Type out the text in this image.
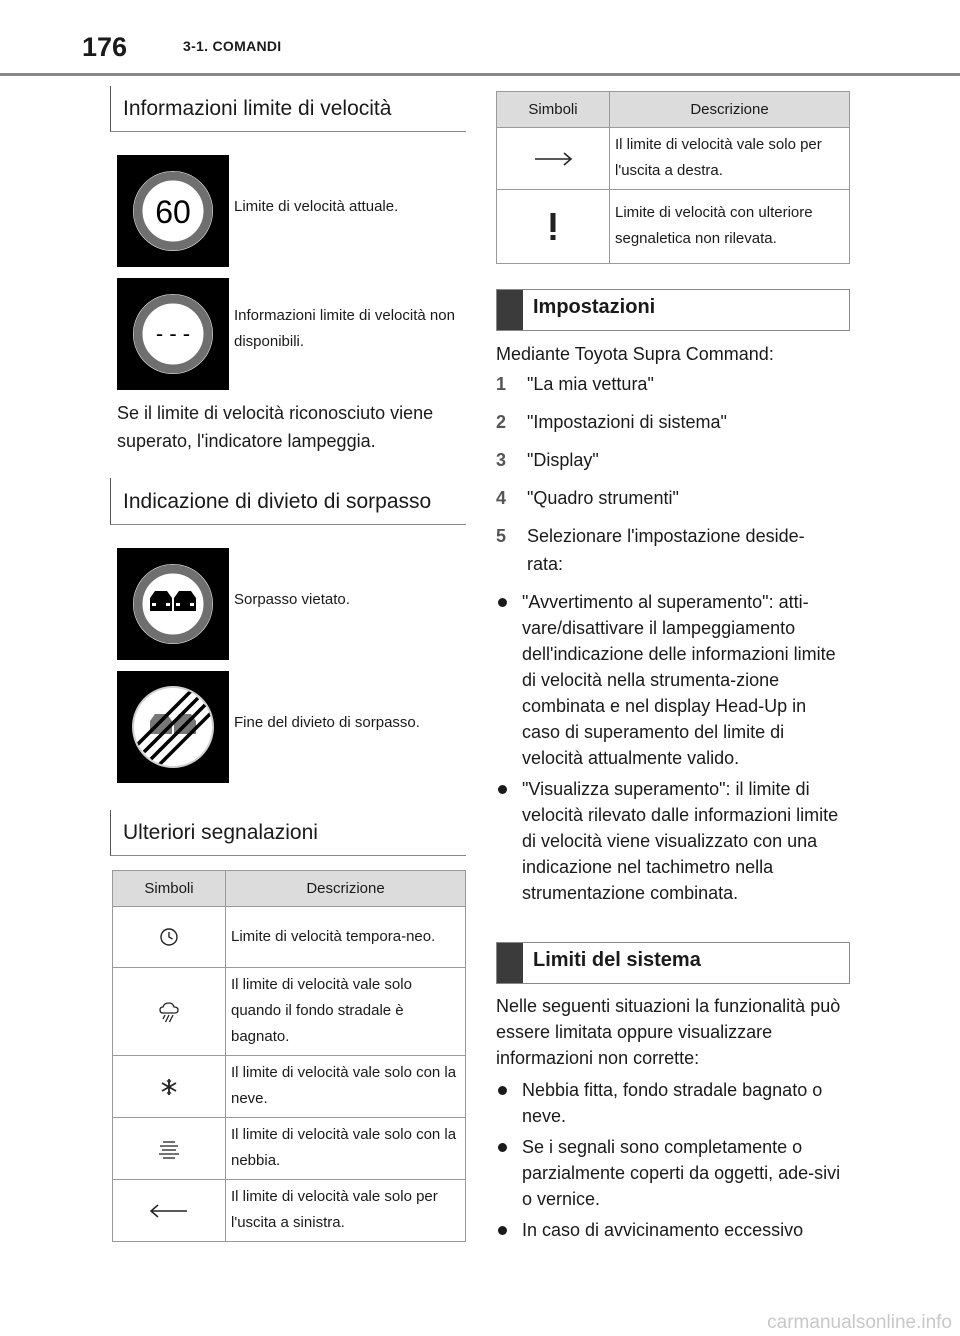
176	3-1. COMANDI
Informazioni limite di velocità
60	Limite di velocità attuale.
- - -
Informazioni limite di velocità non disponibili.
Se il limite di velocità riconosciuto viene superato, l'indicatore lampeggia.
Indicazione di divieto di sorpasso
Sorpasso vietato.
Fine del divieto di sorpasso.
Ulteriori segnalazioni
Simboli	Descrizione
	Limite di velocità tempora-neo.
	Il limite di velocità vale solo quando il fondo stradale è bagnato.
	Il limite di velocità vale solo con la neve.
	Il limite di velocità vale solo con la nebbia.
	Il limite di velocità vale solo per l'uscita a sinistra.
Simboli	Descrizione
	Il limite di velocità vale solo per l'uscita a destra.
	Limite di velocità con ulteriore segnaletica non rilevata.
Impostazioni
Mediante Toyota Supra Command:
1 "La mia vettura"
2 "Impostazioni di sistema"
3 "Display"
4 "Quadro strumenti"
5 Selezionare l'impostazione deside-rata:
"Avvertimento al superamento": atti-vare/disattivare il lampeggiamento dell'indicazione delle informazioni limite di velocità nella strumenta-zione combinata e nel display Head-Up in caso di superamento del limite di velocità attualmente valido.
"Visualizza superamento": il limite di velocità rilevato dalle informazioni limite di velocità viene visualizzato con una indicazione nel tachimetro nella strumentazione combinata.
Limiti del sistema
Nelle seguenti situazioni la funzionalità può essere limitata oppure visualizzare informazioni non corrette:
Nebbia fitta, fondo stradale bagnato o neve.
Se i segnali sono completamente o parzialmente coperti da oggetti, ade-sivi o vernice.
In caso di avvicinamento eccessivo
carmanualsonline.info
